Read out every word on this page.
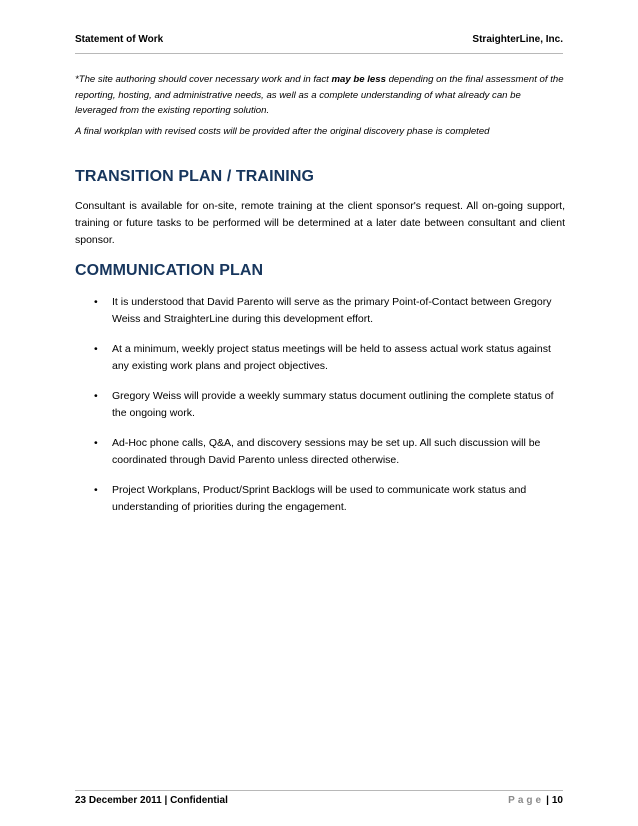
Statement of Work	StraighterLine, Inc.
*The site authoring should cover necessary work and in fact may be less depending on the final assessment of the reporting, hosting, and administrative needs, as well as a complete understanding of what already can be leveraged from the existing reporting solution.
A final workplan with revised costs will be provided after the original discovery phase is completed
TRANSITION PLAN / TRAINING
Consultant is available for on-site, remote training at the client sponsor's request. All on-going support, training or future tasks to be performed will be determined at a later date between consultant and client sponsor.
COMMUNICATION PLAN
• It is understood that David Parento will serve as the primary Point-of-Contact between Gregory Weiss and StraighterLine during this development effort.
• At a minimum, weekly project status meetings will be held to assess actual work status against any existing work plans and project objectives.
• Gregory Weiss will provide a weekly summary status document outlining the complete status of the ongoing work.
• Ad-Hoc phone calls, Q&A, and discovery sessions may be set up. All such discussion will be coordinated through David Parento unless directed otherwise.
• Project Workplans, Product/Sprint Backlogs will be used to communicate work status and understanding of priorities during the engagement.
23 December 2011 | Confidential	Page | 10
